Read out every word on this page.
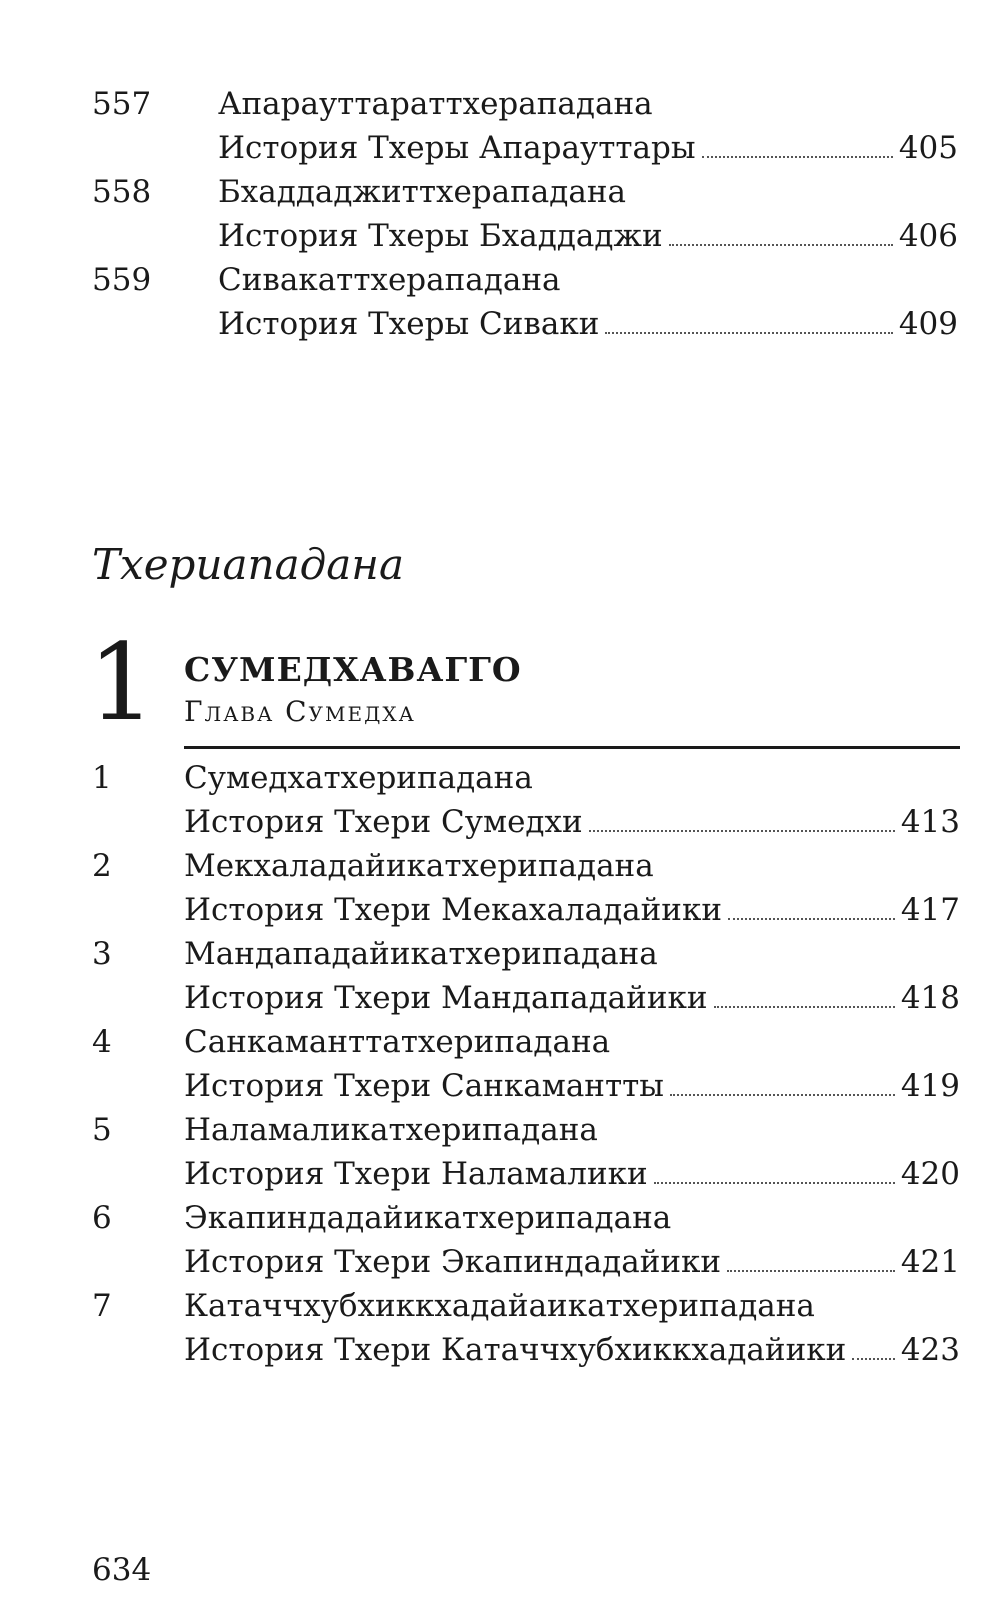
557 Апарауттараттхерападана
История Тхеры Апарауттары	405
558 Бхаддаджиттхерападана
История Тхеры Бхаддаджи	406
559 Сивакаттхерападана
История Тхеры Сиваки	409
Тхериападана
1 СУМЕДХАВАГГО
Глава Сумедха
1 Сумедхатхерипадана
История Тхери Сумедхи	413
2 Мекхаладайикатхерипадана
История Тхери Мекахаладайики	417
3 Мандападайикатхерипадана
История Тхери Мандападайики	418
4 Санкаманттатхерипадана
История Тхери Санкамантты	419
5 Наламаликатхерипадана
История Тхери Наламалики	420
6 Экапиндадайикатхерипадана
История Тхери Экапиндадайики	421
7 Катаччхубхиккхадайаикатхерипадана
История Тхери Катаччхубхиккхадайики 423
634
